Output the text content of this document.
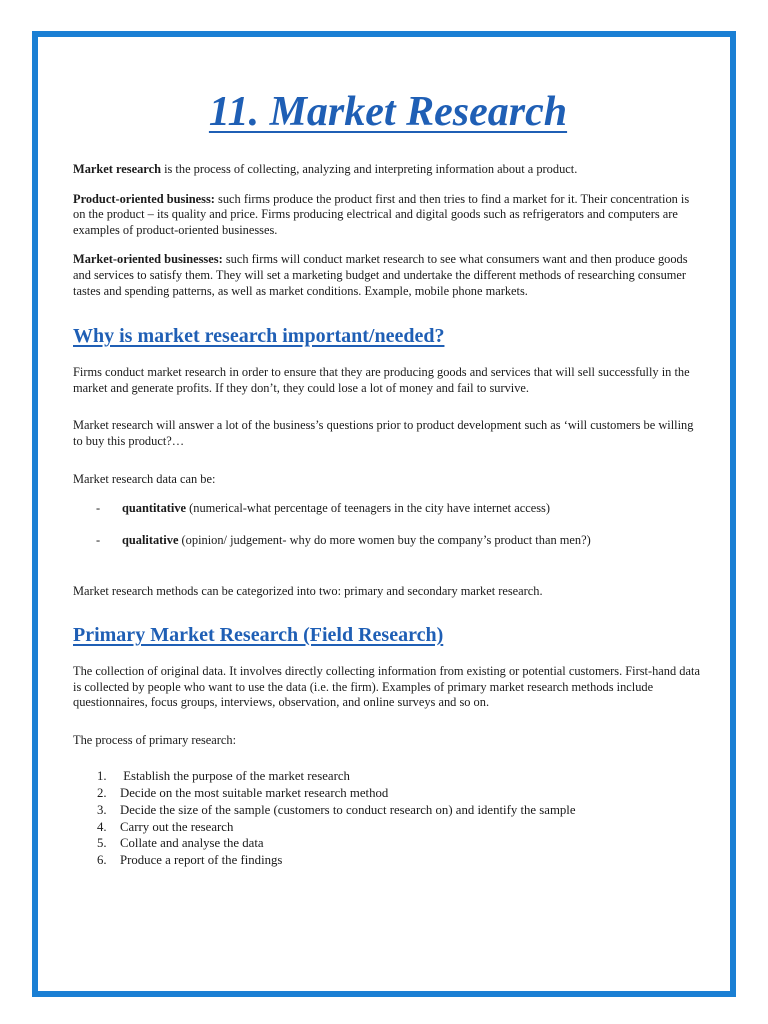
11. Market Research

Market research is the process of collecting, analyzing and interpreting information about a product.

Product-oriented business: such firms produce the product first and then tries to find a market for it. Their concentration is on the product – its quality and price. Firms producing electrical and digital goods such as refrigerators and computers are examples of product-oriented businesses.

Market-oriented businesses: such firms will conduct market research to see what consumers want and then produce goods and services to satisfy them. They will set a marketing budget and undertake the different methods of researching consumer tastes and spending patterns, as well as market conditions. Example, mobile phone markets.

Why is market research important/needed?

Firms conduct market research in order to ensure that they are producing goods and services that will sell successfully in the market and generate profits. If they don’t, they could lose a lot of money and fail to survive.

Market research will answer a lot of the business’s questions prior to product development such as ‘will customers be willing to buy this product?…

Market research data can be:

-	quantitative (numerical-what percentage of teenagers in the city have internet access)
-	qualitative (opinion/ judgement- why do more women buy the company’s product than men?)

Market research methods can be categorized into two: primary and secondary market research.

Primary Market Research (Field Research)

The collection of original data. It involves directly collecting information from existing or potential customers. First-hand data is collected by people who want to use the data (i.e. the firm). Examples of primary market research methods include questionnaires, focus groups, interviews, observation, and online surveys and so on.

The process of primary research:

1.	Establish the purpose of the market research
2.	Decide on the most suitable market research method
3.	Decide the size of the sample (customers to conduct research on) and identify the sample
4.	Carry out the research
5.	Collate and analyse the data
6.	Produce a report of the findings
